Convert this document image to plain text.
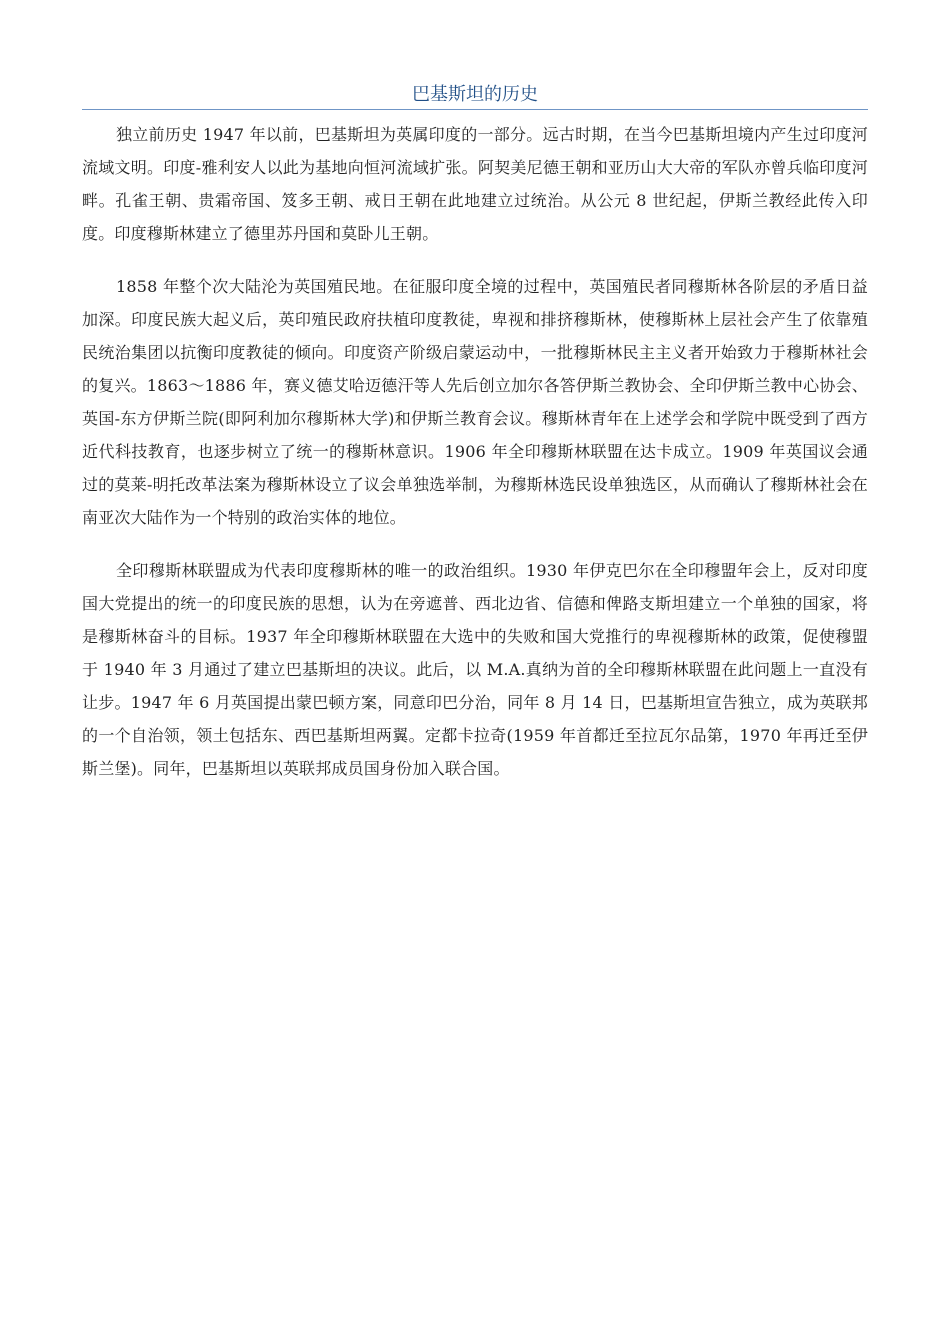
巴基斯坦的历史

独立前历史 1947 年以前，巴基斯坦为英属印度的一部分。远古时期，在当今巴基斯坦境内产生过印度河流域文明。印度-雅利安人以此为基地向恒河流域扩张。阿契美尼德王朝和亚历山大大帝的军队亦曾兵临印度河畔。孔雀王朝、贵霜帝国、笈多王朝、戒日王朝在此地建立过统治。从公元 8 世纪起，伊斯兰教经此传入印度。印度穆斯林建立了德里苏丹国和莫卧儿王朝。

1858 年整个次大陆沦为英国殖民地。在征服印度全境的过程中，英国殖民者同穆斯林各阶层的矛盾日益加深。印度民族大起义后，英印殖民政府扶植印度教徒，卑视和排挤穆斯林，使穆斯林上层社会产生了依靠殖民统治集团以抗衡印度教徒的倾向。印度资产阶级启蒙运动中，一批穆斯林民主主义者开始致力于穆斯林社会的复兴。1863～1886 年，赛义德艾哈迈德汗等人先后创立加尔各答伊斯兰教协会、全印伊斯兰教中心协会、英国-东方伊斯兰院(即阿利加尔穆斯林大学)和伊斯兰教育会议。穆斯林青年在上述学会和学院中既受到了西方近代科技教育，也逐步树立了统一的穆斯林意识。1906 年全印穆斯林联盟在达卡成立。1909 年英国议会通过的莫莱-明托改革法案为穆斯林设立了议会单独选举制，为穆斯林选民设单独选区，从而确认了穆斯林社会在南亚次大陆作为一个特别的政治实体的地位。

全印穆斯林联盟成为代表印度穆斯林的唯一的政治组织。1930 年伊克巴尔在全印穆盟年会上，反对印度国大党提出的统一的印度民族的思想，认为在旁遮普、西北边省、信德和俾路支斯坦建立一个单独的国家，将是穆斯林奋斗的目标。1937 年全印穆斯林联盟在大选中的失败和国大党推行的卑视穆斯林的政策，促使穆盟于 1940 年 3 月通过了建立巴基斯坦的决议。此后，以 M.A.真纳为首的全印穆斯林联盟在此问题上一直没有让步。1947 年 6 月英国提出蒙巴顿方案，同意印巴分治，同年 8 月 14 日，巴基斯坦宣告独立，成为英联邦的一个自治领，领土包括东、西巴基斯坦两翼。定都卡拉奇(1959 年首都迁至拉瓦尔品第，1970 年再迁至伊斯兰堡)。同年，巴基斯坦以英联邦成员国身份加入联合国。
